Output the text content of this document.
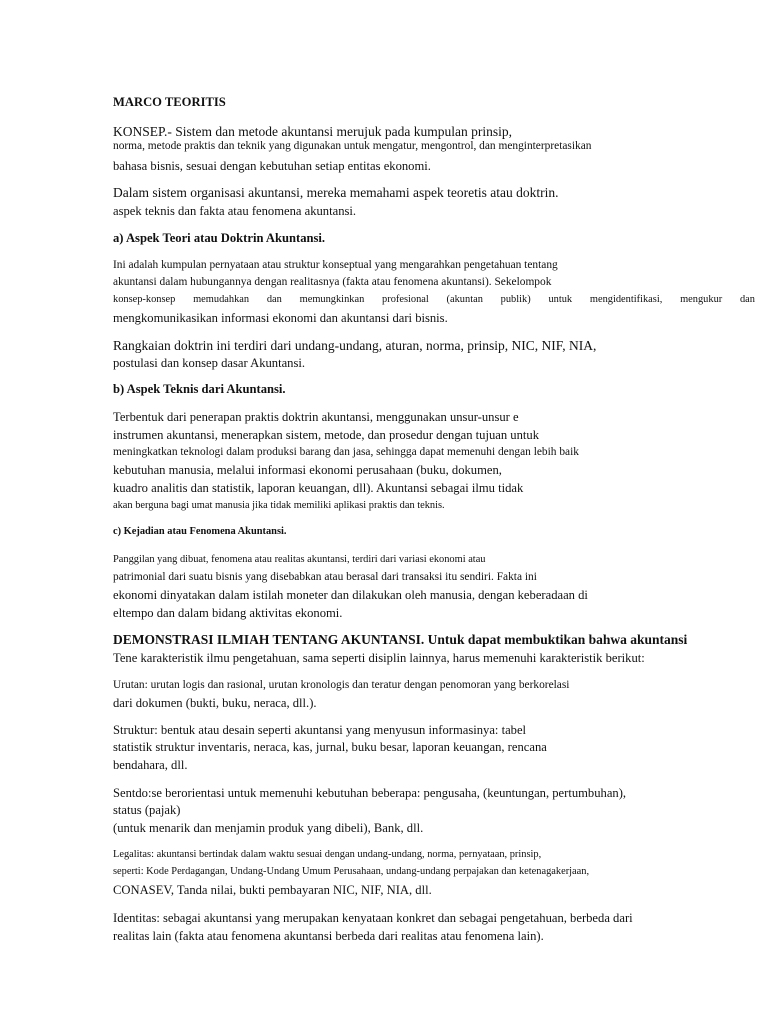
MARCO TEORITIS
KONSEP.- Sistem dan metode akuntansi merujuk pada kumpulan prinsip,
norma, metode praktis dan teknik yang digunakan untuk mengatur, mengontrol, dan menginterpretasikan
bahasa bisnis, sesuai dengan kebutuhan setiap entitas ekonomi.
Dalam sistem organisasi akuntansi, mereka memahami aspek teoretis atau doktrin.
aspek teknis dan fakta atau fenomena akuntansi.
a) Aspek Teori atau Doktrin Akuntansi.
Ini adalah kumpulan pernyataan atau struktur konseptual yang mengarahkan pengetahuan tentang
akuntansi dalam hubungannya dengan realitasnya (fakta atau fenomena akuntansi). Sekelompok
konsep-konsep memudahkan dan memungkinkan profesional (akuntan publik) untuk mengidentifikasi, mengukur dan
mengkomunikasikan informasi ekonomi dan akuntansi dari bisnis.
Rangkaian doktrin ini terdiri dari undang-undang, aturan, norma, prinsip, NIC, NIF, NIA,
postulasi dan konsep dasar Akuntansi.
b) Aspek Teknis dari Akuntansi.
Terbentuk dari penerapan praktis doktrin akuntansi, menggunakan unsur-unsur e
instrumen akuntansi, menerapkan sistem, metode, dan prosedur dengan tujuan untuk
meningkatkan teknologi dalam produksi barang dan jasa, sehingga dapat memenuhi dengan lebih baik
kebutuhan manusia, melalui informasi ekonomi perusahaan (buku, dokumen,
kuadro analitis dan statistik, laporan keuangan, dll). Akuntansi sebagai ilmu tidak
akan berguna bagi umat manusia jika tidak memiliki aplikasi praktis dan teknis.
c) Kejadian atau Fenomena Akuntansi.
Panggilan yang dibuat, fenomena atau realitas akuntansi, terdiri dari variasi ekonomi atau
patrimonial dari suatu bisnis yang disebabkan atau berasal dari transaksi itu sendiri. Fakta ini
ekonomi dinyatakan dalam istilah moneter dan dilakukan oleh manusia, dengan keberadaan di
eltempo dan dalam bidang aktivitas ekonomi.
DEMONSTRASI ILMIAH TENTANG AKUNTANSI. Untuk dapat membuktikan bahwa akuntansi
Tene karakteristik ilmu pengetahuan, sama seperti disiplin lainnya, harus memenuhi karakteristik berikut:
Urutan: urutan logis dan rasional, urutan kronologis dan teratur dengan penomoran yang berkorelasi
dari dokumen (bukti, buku, neraca, dll.).
Struktur: bentuk atau desain seperti akuntansi yang menyusun informasinya: tabel
statistik struktur inventaris, neraca, kas, jurnal, buku besar, laporan keuangan, rencana
bendahara, dll.
Sentdo:se berorientasi untuk memenuhi kebutuhan beberapa: pengusaha, (keuntungan, pertumbuhan),
status (pajak)
(untuk menarik dan menjamin produk yang dibeli), Bank, dll.
Legalitas: akuntansi bertindak dalam waktu sesuai dengan undang-undang, norma, pernyataan, prinsip,
seperti: Kode Perdagangan, Undang-Undang Umum Perusahaan, undang-undang perpajakan dan ketenagakerjaan,
CONASEV, Tanda nilai, bukti pembayaran NIC, NIF, NIA, dll.
Identitas: sebagai akuntansi yang merupakan kenyataan konkret dan sebagai pengetahuan, berbeda dari
realitas lain (fakta atau fenomena akuntansi berbeda dari realitas atau fenomena lain).
